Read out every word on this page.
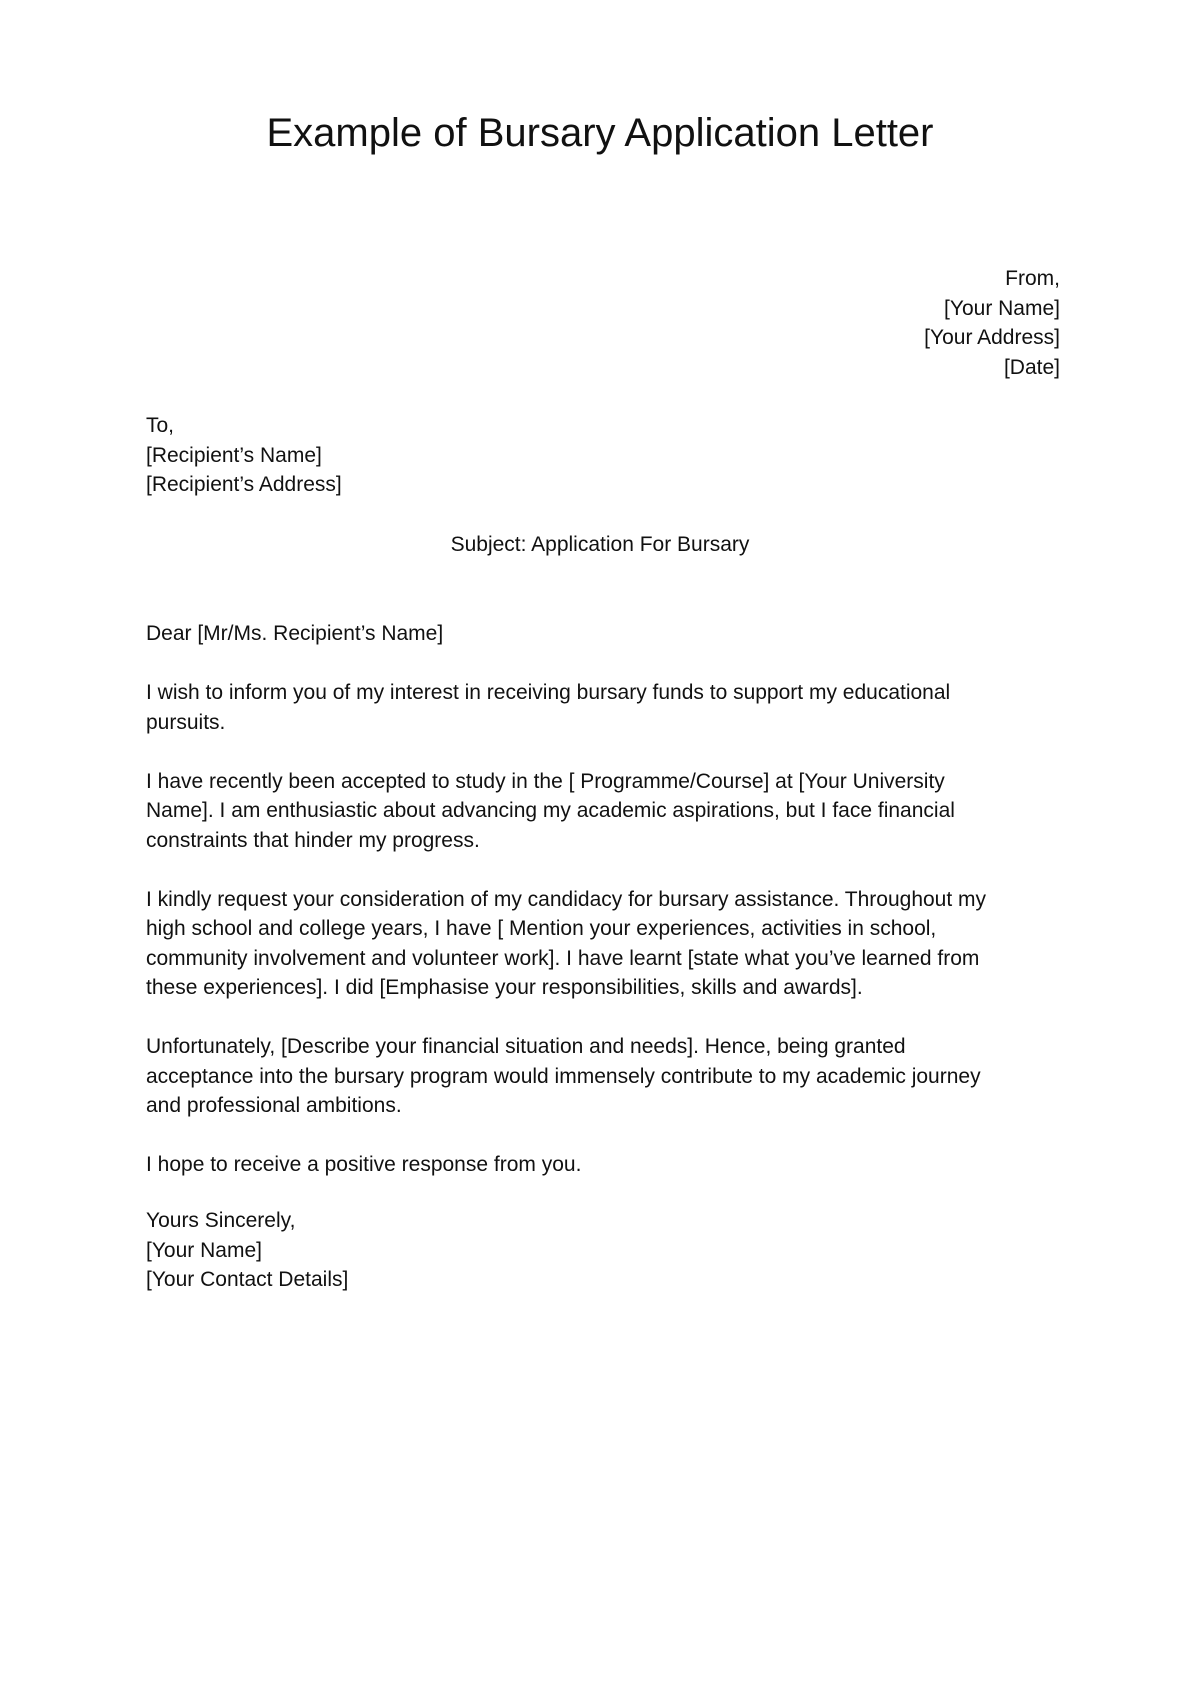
Example of Bursary Application Letter
From,
[Your Name]
[Your Address]
[Date]
To,
[Recipient’s Name]
[Recipient’s Address]
Subject: Application For Bursary
Dear [Mr/Ms. Recipient’s Name]

I wish to inform you of my interest in receiving bursary funds to support my educational
pursuits.

I have recently been accepted to study in the [ Programme/Course] at [Your University
Name]. I am enthusiastic about advancing my academic aspirations, but I face financial
constraints that hinder my progress.

I kindly request your consideration of my candidacy for bursary assistance. Throughout my
high school and college years, I have [ Mention your experiences, activities in school,
community involvement and volunteer work]. I have learnt [state what you’ve learned from
these experiences]. I did [Emphasise your responsibilities, skills and awards].

Unfortunately, [Describe your financial situation and needs]. Hence, being granted
acceptance into the bursary program would immensely contribute to my academic journey
and professional ambitions.

I hope to receive a positive response from you.

Yours Sincerely,
[Your Name]
[Your Contact Details]
